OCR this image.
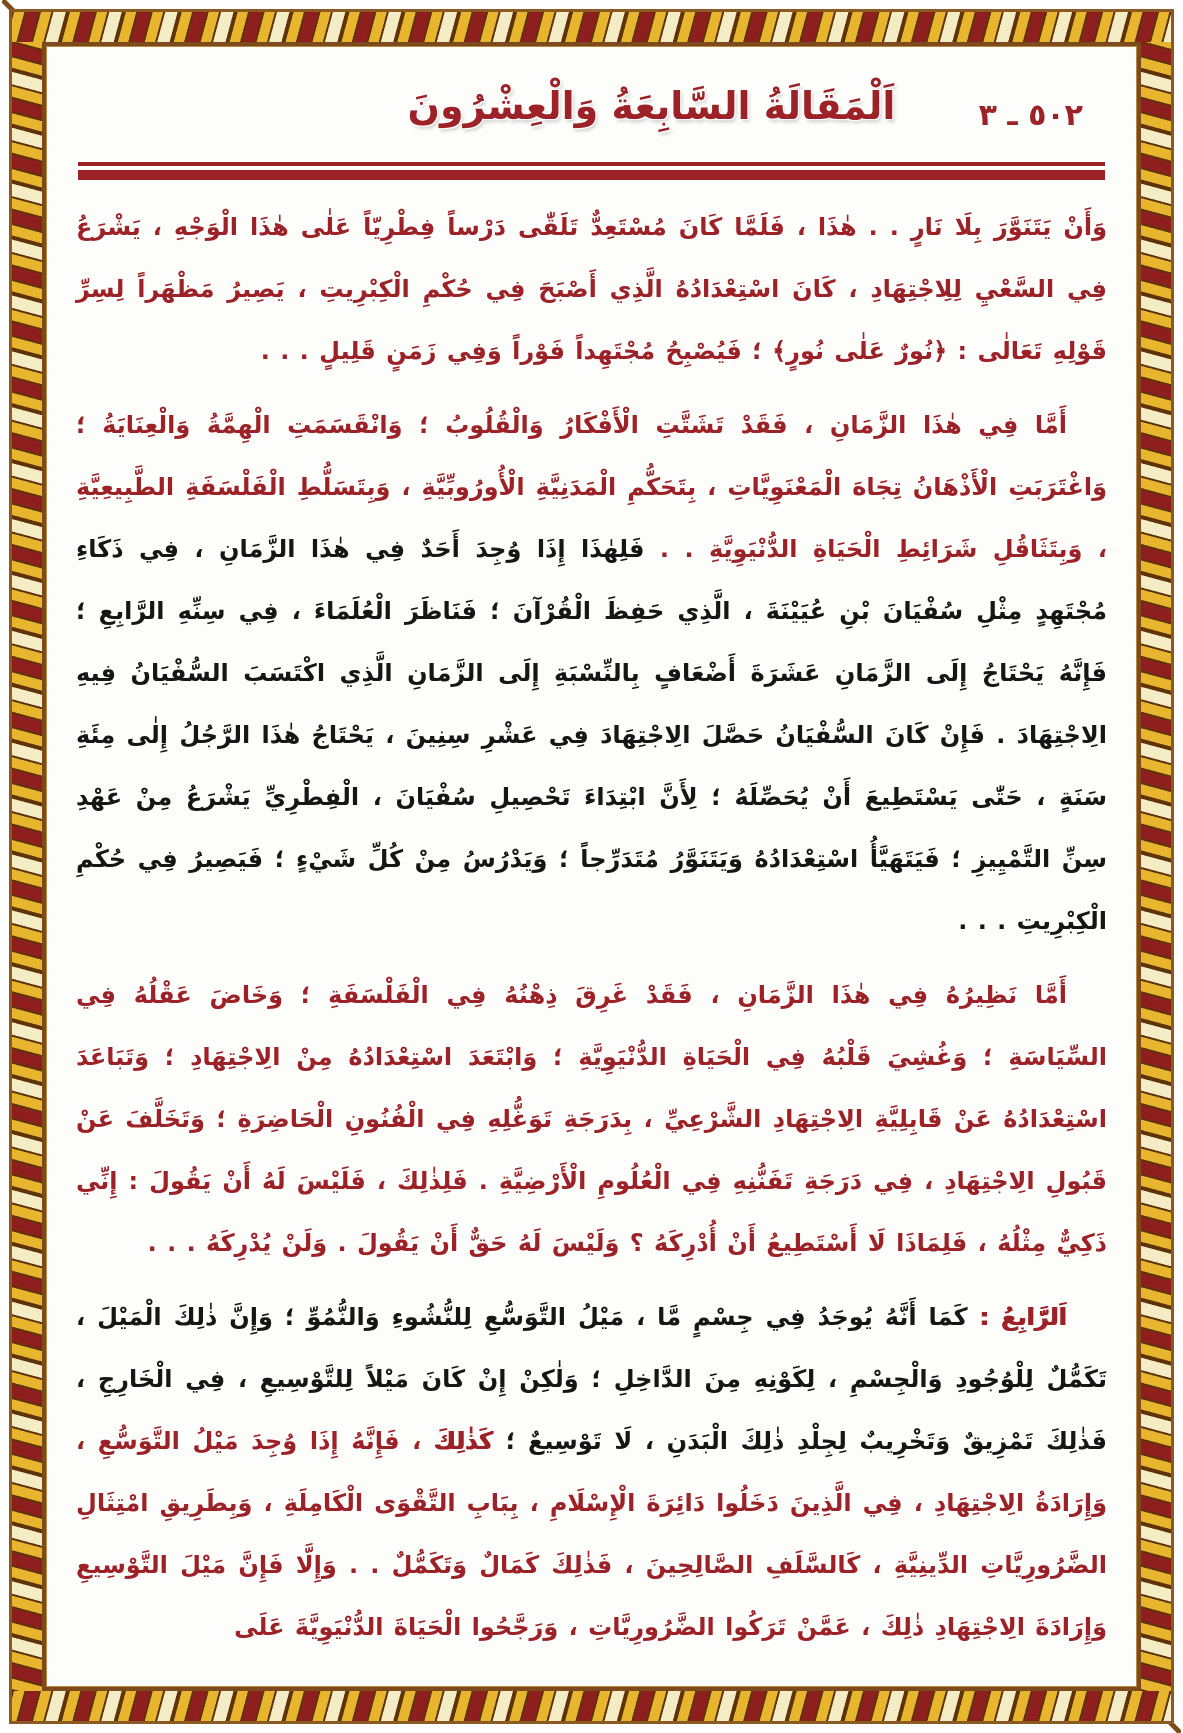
اَلْمَقَالَةُ السَّابِعَةُ وَالْعِشْرُونَ	٥٠٢ ـ ٣

وَأَنْ يَتَنَوَّرَ بِلَا نَارٍ . . هٰذَا ، فَلَمَّا كَانَ مُسْتَعِدٌّ تَلَقّٰى دَرْساً فِطْرِيّاً عَلٰى هٰذَا الْوَجْهِ ، يَشْرَعُ فِي السَّعْيِ لِلِاجْتِهَادِ ، كَانَ اسْتِعْدَادُهُ الَّذِي أَصْبَحَ فِي حُكْمِ الْكِبْرِيتِ ، يَصِيرُ مَظْهَراً لِسِرِّ قَوْلِهِ تَعَالٰى : ﴿نُورٌ عَلٰى نُورٍ﴾ ؛ فَيُصْبِحُ مُجْتَهِداً فَوْراً وَفِي زَمَنٍ قَلِيلٍ . . .

أَمَّا فِي هٰذَا الزَّمَانِ ، فَقَدْ تَشَتَّتِ الْأَفْكَارُ وَالْقُلُوبُ ؛ وَانْقَسَمَتِ الْهِمَّةُ وَالْعِنَايَةُ ؛ وَاغْتَرَبَتِ الْأَذْهَانُ تِجَاهَ الْمَعْنَوِيَّاتِ ، بِتَحَكُّمِ الْمَدَنِيَّةِ الْأُورُوبِّيَّةِ ، وَبِتَسَلُّطِ الْفَلْسَفَةِ الطَّبِيعِيَّةِ ، وَبِتَثَاقُلِ شَرَائِطِ الْحَيَاةِ الدُّنْيَوِيَّةِ . . فَلِهٰذَا إِذَا وُجِدَ أَحَدٌ فِي هٰذَا الزَّمَانِ ، فِي ذَكَاءِ مُجْتَهِدٍ مِثْلِ سُفْيَانَ بْنِ عُيَيْنَةَ ، الَّذِي حَفِظَ الْقُرْآنَ ؛ فَنَاظَرَ الْعُلَمَاءَ ، فِي سِنِّهِ الرَّابِعِ ؛ فَإِنَّهُ يَحْتَاجُ إِلَى الزَّمَانِ عَشَرَةَ أَضْعَافٍ بِالنِّسْبَةِ إِلَى الزَّمَانِ الَّذِي اكْتَسَبَ السُّفْيَانُ فِيهِ الِاجْتِهَادَ . فَإِنْ كَانَ السُّفْيَانُ حَصَّلَ الِاجْتِهَادَ فِي عَشْرِ سِنِينَ ، يَحْتَاجُ هٰذَا الرَّجُلُ إِلٰى مِئَةِ سَنَةٍ ، حَتّٰى يَسْتَطِيعَ أَنْ يُحَصِّلَهُ ؛ لِأَنَّ ابْتِدَاءَ تَحْصِيلِ سُفْيَانَ ، الْفِطْرِيِّ يَشْرَعُ مِنْ عَهْدِ سِنِّ التَّمْيِيزِ ؛ فَيَتَهَيَّأُ اسْتِعْدَادُهُ وَيَتَنَوَّرُ مُتَدَرِّجاً ؛ وَيَدْرُسُ مِنْ كُلِّ شَيْءٍ ؛ فَيَصِيرُ فِي حُكْمِ الْكِبْرِيتِ . . .

أَمَّا نَظِيرُهُ فِي هٰذَا الزَّمَانِ ، فَقَدْ غَرِقَ ذِهْنُهُ فِي الْفَلْسَفَةِ ؛ وَخَاضَ عَقْلُهُ فِي السِّيَاسَةِ ؛ وَغُشِيَ قَلْبُهُ فِي الْحَيَاةِ الدُّنْيَوِيَّةِ ؛ وَابْتَعَدَ اسْتِعْدَادُهُ مِنْ الِاجْتِهَادِ ؛ وَتَبَاعَدَ اسْتِعْدَادُهُ عَنْ قَابِلِيَّةِ الِاجْتِهَادِ الشَّرْعِيِّ ، بِدَرَجَةِ تَوَغُّلِهِ فِي الْفُنُونِ الْحَاضِرَةِ ؛ وَتَخَلَّفَ عَنْ قَبُولِ الِاجْتِهَادِ ، فِي دَرَجَةِ تَفَنُّنِهِ فِي الْعُلُومِ الْأَرْضِيَّةِ . فَلِذٰلِكَ ، فَلَيْسَ لَهُ أَنْ يَقُولَ : إِنِّي ذَكِيٌّ مِثْلُهُ ، فَلِمَاذَا لَا أَسْتَطِيعُ أَنْ أُدْرِكَهُ ؟ وَلَيْسَ لَهُ حَقٌّ أَنْ يَقُولَ . وَلَنْ يُدْرِكَهُ . . .

اَلرَّابِعُ : كَمَا أَنَّهُ يُوجَدُ فِي جِسْمٍ مَّا ، مَيْلُ التَّوَسُّعِ لِلنُّشُوءِ وَالنُّمُوِّ ؛ وَإِنَّ ذٰلِكَ الْمَيْلَ ، تَكَمُّلٌ لِلْوُجُودِ وَالْجِسْمِ ، لِكَوْنِهِ مِنَ الدَّاخِلِ ؛ وَلٰكِنْ إِنْ كَانَ مَيْلاً لِلتَّوْسِيعِ ، فِي الْخَارِجِ ، فَذٰلِكَ تَمْزِيقٌ وَتَخْرِيبٌ لِجِلْدِ ذٰلِكَ الْبَدَنِ ، لَا تَوْسِيعٌ ؛ كَذٰلِكَ ، فَإِنَّهُ إِذَا وُجِدَ مَيْلُ التَّوَسُّعِ ، وَإِرَادَةُ الِاجْتِهَادِ ، فِي الَّذِينَ دَخَلُوا دَائِرَةَ الْإِسْلَامِ ، بِبَابِ التَّقْوَى الْكَامِلَةِ ، وَبِطَرِيقِ امْتِثَالِ الضَّرُورِيَّاتِ الدِّينِيَّةِ ، كَالسَّلَفِ الصَّالِحِينَ ، فَذٰلِكَ كَمَالٌ وَتَكَمُّلٌ . . وَإِلَّا فَإِنَّ مَيْلَ التَّوْسِيعِ وَإِرَادَةَ الِاجْتِهَادِ ذٰلِكَ ، عَمَّنْ تَرَكُوا الضَّرُورِيَّاتِ ، وَرَجَّحُوا الْحَيَاةَ الدُّنْيَوِيَّةَ عَلَى
